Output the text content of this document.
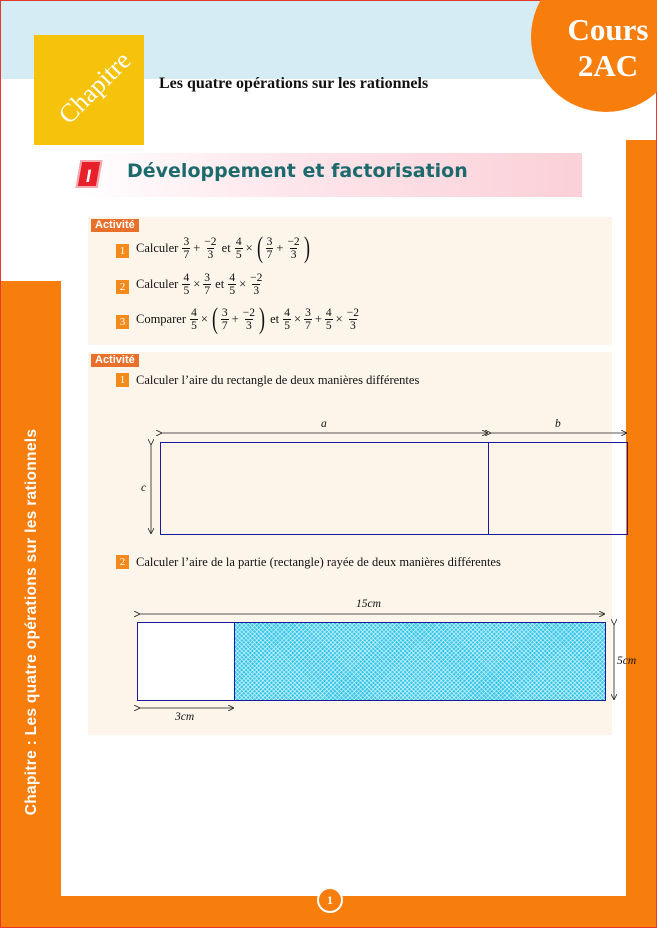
Cours
2AC
Chapitre	Les quatre opérations sur les rationnels
Chapitre : Les quatre opérations sur les rationnels
I	Développement et factorisation
Activité
1 Calculer
$\frac{3}{7} + \frac{-2}{3}$
et
$\frac{4}{5}$ × ( $\frac{3}{7} + \frac{-2}{3}$ )
2 Calculer
$\frac{4}{5} \times \frac{3}{7}$
et
$\frac{4}{5} \times \frac{-2}{3}$
3 Comparer
$\frac{4}{5}$ × ( $\frac{3}{7} + \frac{-2}{3}$ )
et
$\frac{4}{5} \times \frac{3}{7} + \frac{4}{5} \times \frac{-2}{3}$
Activité
1 Calculer l’aire du rectangle de deux manières différentes
a	b
c
2 Calculer l’aire de la partie (rectangle) rayée de deux manières différentes
15cm
5cm
3cm
1
